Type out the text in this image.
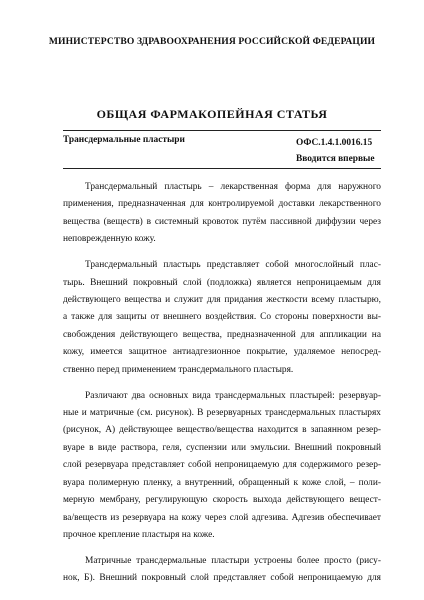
МИНИСТЕРСТВО ЗДРАВООХРАНЕНИЯ РОССИЙСКОЙ ФЕДЕРАЦИИ
ОБЩАЯ ФАРМАКОПЕЙНАЯ СТАТЬЯ
Трансдермальные пластыри	ОФС.1.4.1.0016.15
Вводится впервые
Трансдермальный пластырь – лекарственная форма для наружного
применения, предназначенная для контролируемой доставки лекарственного
вещества (веществ) в системный кровоток путём пассивной диффузии через
неповрежденную кожу.
Трансдермальный пластырь представляет собой многослойный плас-
тырь. Внешний покровный слой (подложка) является непроницаемым для
действующего вещества и служит для придания жесткости всему пластырю,
а также для защиты от внешнего воздействия. Со стороны поверхности вы-
свобождения действующего вещества, предназначенной для аппликации на
кожу, имеется защитное антиадгезионное покрытие, удаляемое непосред-
ственно перед применением трансдермального пластыря.
Различают два основных вида трансдермальных пластырей: резервуар-
ные и матричные (см. рисунок). В резервуарных трансдермальных пластырях
(рисунок, А) действующее вещество/вещества находится в запаянном резер-
вуаре в виде раствора, геля, суспензии или эмульсии. Внешний покровный
слой резервуара представляет собой непроницаемую для содержимого резер-
вуара полимерную пленку, а внутренний, обращенный к коже слой, – поли-
мерную мембрану, регулирующую скорость выхода действующего вещест-
ва/веществ из резервуара на кожу через слой адгезива. Адгезив обеспечивает
прочное крепление пластыря на коже.
Матричные трансдермальные пластыри устроены более просто (рису-
нок, Б). Внешний покровный слой представляет собой непроницаемую для
